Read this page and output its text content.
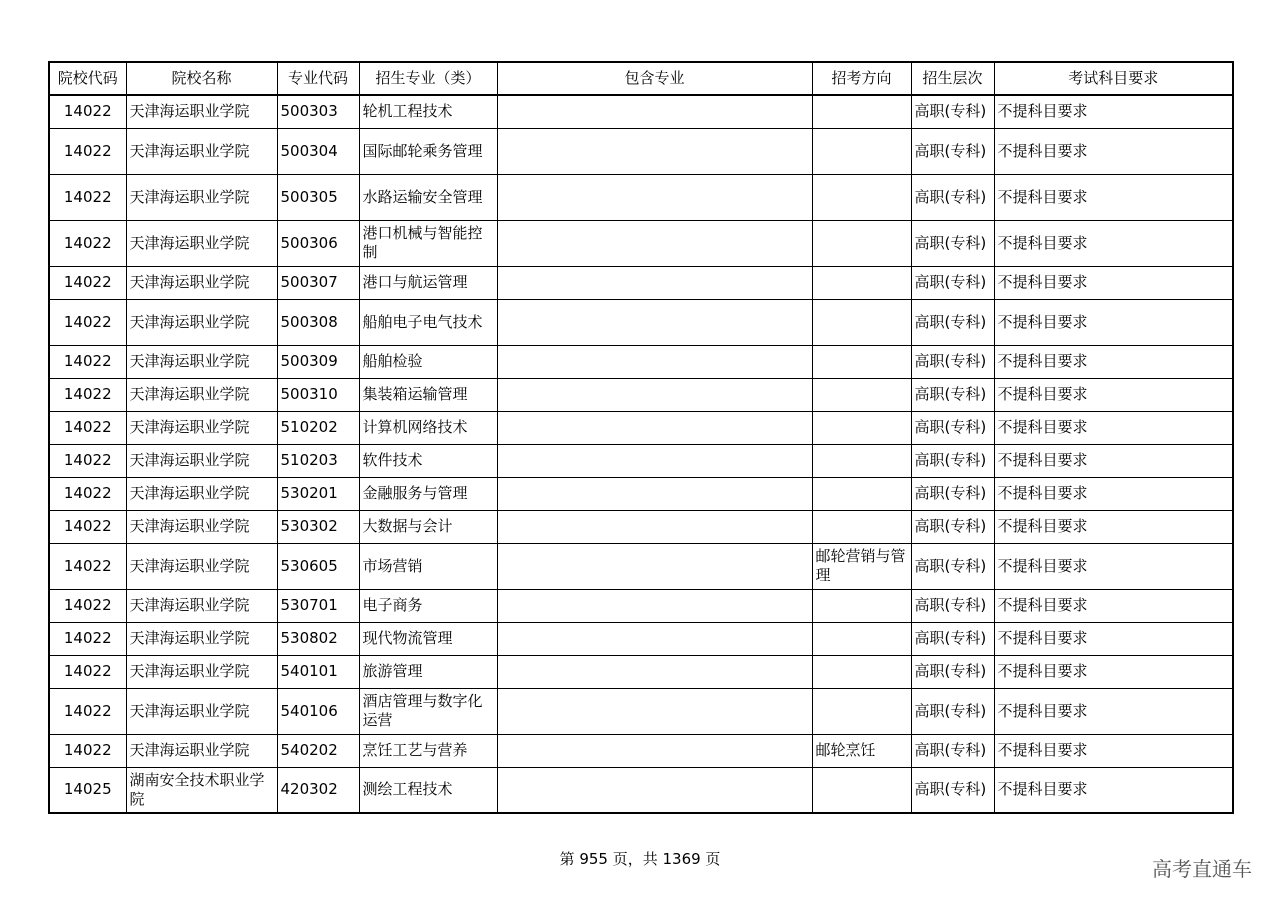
院校代码	院校名称	专业代码	招生专业（类）	包含专业	招考方向	招生层次	考试科目要求
14022	天津海运职业学院	500303	轮机工程技术			高职(专科)	不提科目要求
14022	天津海运职业学院	500304	国际邮轮乘务管理			高职(专科)	不提科目要求
14022	天津海运职业学院	500305	水路运输安全管理			高职(专科)	不提科目要求
14022	天津海运职业学院	500306	港口机械与智能控制			高职(专科)	不提科目要求
14022	天津海运职业学院	500307	港口与航运管理			高职(专科)	不提科目要求
14022	天津海运职业学院	500308	船舶电子电气技术			高职(专科)	不提科目要求
14022	天津海运职业学院	500309	船舶检验			高职(专科)	不提科目要求
14022	天津海运职业学院	500310	集装箱运输管理			高职(专科)	不提科目要求
14022	天津海运职业学院	510202	计算机网络技术			高职(专科)	不提科目要求
14022	天津海运职业学院	510203	软件技术			高职(专科)	不提科目要求
14022	天津海运职业学院	530201	金融服务与管理			高职(专科)	不提科目要求
14022	天津海运职业学院	530302	大数据与会计			高职(专科)	不提科目要求
14022	天津海运职业学院	530605	市场营销		邮轮营销与管理	高职(专科)	不提科目要求
14022	天津海运职业学院	530701	电子商务			高职(专科)	不提科目要求
14022	天津海运职业学院	530802	现代物流管理			高职(专科)	不提科目要求
14022	天津海运职业学院	540101	旅游管理			高职(专科)	不提科目要求
14022	天津海运职业学院	540106	酒店管理与数字化运营			高职(专科)	不提科目要求
14022	天津海运职业学院	540202	烹饪工艺与营养		邮轮烹饪	高职(专科)	不提科目要求
14025	湖南安全技术职业学院	420302	测绘工程技术			高职(专科)	不提科目要求
第 955 页，共 1369 页	高考直通车
